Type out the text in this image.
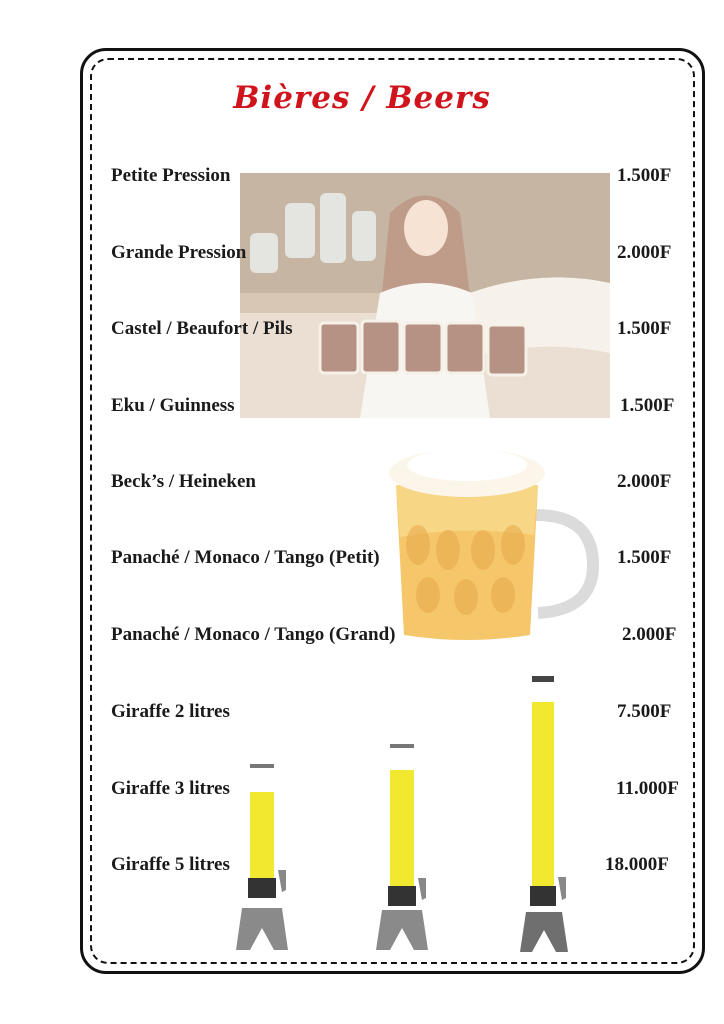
Bières / Beers
Petite Pression	1.500F
Grande Pression	2.000F
Castel / Beaufort / Pils	1.500F
Eku / Guinness	1.500F
Beck’s / Heineken	2.000F
Panaché / Monaco / Tango (Petit)	1.500F
Panaché / Monaco / Tango (Grand)	2.000F
Giraffe 2 litres	7.500F
Giraffe 3 litres	11.000F
Giraffe 5 litres	18.000F
